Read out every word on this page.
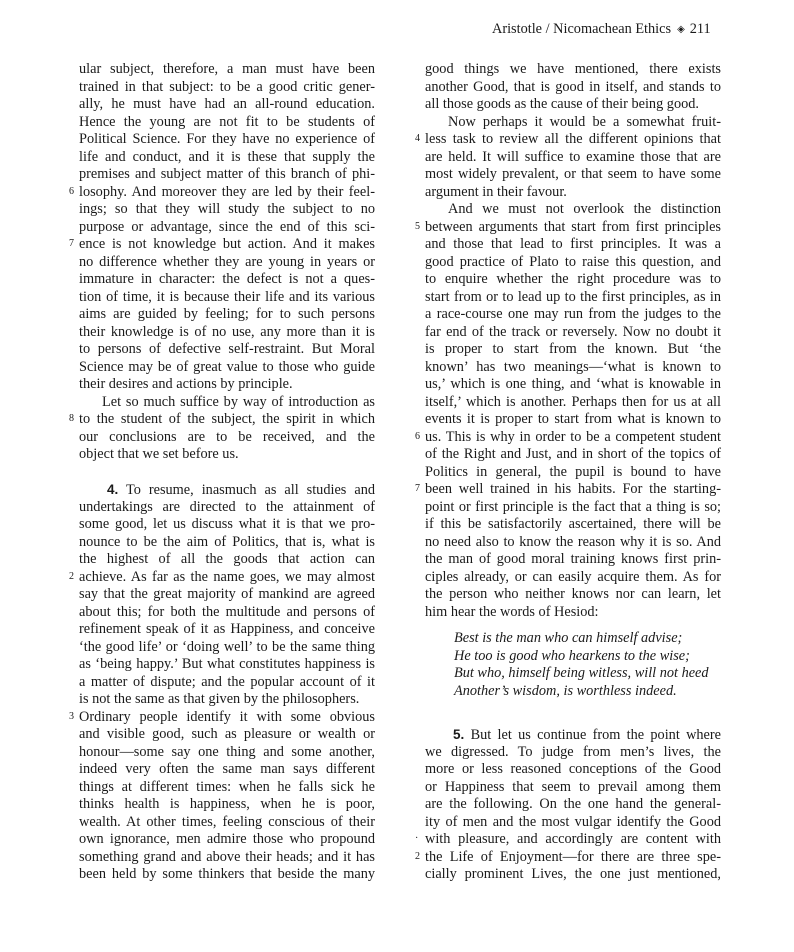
Aristotle / Nicomachean Ethics ◈ 211
ular subject, therefore, a man must have been
trained in that subject: to be a good critic gener-
ally, he must have had an all-round education.
Hence the young are not fit to be students of
Political Science. For they have no experience of
life and conduct, and it is these that supply the
premises and subject matter of this branch of phi-
6 losophy. And moreover they are led by their feel-
ings; so that they will study the subject to no
purpose or advantage, since the end of this sci-
7 ence is not knowledge but action. And it makes
no difference whether they are young in years or
immature in character: the defect is not a ques-
tion of time, it is because their life and its various
aims are guided by feeling; for to such persons
their knowledge is of no use, any more than it is
to persons of defective self-restraint. But Moral
Science may be of great value to those who guide
their desires and actions by principle.
Let so much suffice by way of introduction as
8 to the student of the subject, the spirit in which
our conclusions are to be received, and the
object that we set before us.
4. To resume, inasmuch as all studies and
undertakings are directed to the attainment of
some good, let us discuss what it is that we pro-
nounce to be the aim of Politics, that is, what is
the highest of all the goods that action can
2 achieve. As far as the name goes, we may almost
say that the great majority of mankind are agreed
about this; for both the multitude and persons of
refinement speak of it as Happiness, and conceive
‘the good life’ or ‘doing well’ to be the same thing
as ‘being happy.’ But what constitutes happiness is
a matter of dispute; and the popular account of it
is not the same as that given by the philosophers.
3 Ordinary people identify it with some obvious
and visible good, such as pleasure or wealth or
honour—some say one thing and some another,
indeed very often the same man says different
things at different times: when he falls sick he
thinks health is happiness, when he is poor,
wealth. At other times, feeling conscious of their
own ignorance, men admire those who propound
something grand and above their heads; and it has
been held by some thinkers that beside the many
good things we have mentioned, there exists
another Good, that is good in itself, and stands to
all those goods as the cause of their being good.
Now perhaps it would be a somewhat fruit-
4 less task to review all the different opinions that
are held. It will suffice to examine those that are
most widely prevalent, or that seem to have some
argument in their favour.
And we must not overlook the distinction
5 between arguments that start from first principles
and those that lead to first principles. It was a
good practice of Plato to raise this question, and
to enquire whether the right procedure was to
start from or to lead up to the first principles, as in
a race-course one may run from the judges to the
far end of the track or reversely. Now no doubt it
is proper to start from the known. But ‘the
known’ has two meanings—‘what is known to
us,’ which is one thing, and ‘what is knowable in
itself,’ which is another. Perhaps then for us at all
events it is proper to start from what is known to
6 us. This is why in order to be a competent student
of the Right and Just, and in short of the topics of
Politics in general, the pupil is bound to have
7 been well trained in his habits. For the starting-
point or first principle is the fact that a thing is so;
if this be satisfactorily ascertained, there will be
no need also to know the reason why it is so. And
the man of good moral training knows first prin-
ciples already, or can easily acquire them. As for
the person who neither knows nor can learn, let
him hear the words of Hesiod:
Best is the man who can himself advise;
He too is good who hearkens to the wise;
But who, himself being witless, will not heed
Another’s wisdom, is worthless indeed.
5. But let us continue from the point where
we digressed. To judge from men’s lives, the
more or less reasoned conceptions of the Good
or Happiness that seem to prevail among them
are the following. On the one hand the general-
ity of men and the most vulgar identify the Good
· with pleasure, and accordingly are content with
2 the Life of Enjoyment—for there are three spe-
cially prominent Lives, the one just mentioned,
